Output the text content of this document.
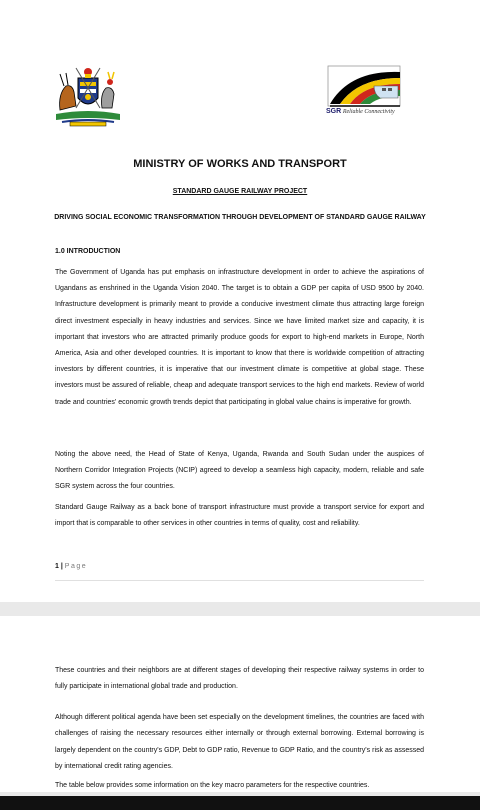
SGR Reliable Connectivity
MINISTRY OF WORKS AND TRANSPORT
STANDARD GAUGE RAILWAY PROJECT
DRIVING SOCIAL ECONOMIC TRANSFORMATION THROUGH DEVELOPMENT OF STANDARD GAUGE RAILWAY
1.0 INTRODUCTION

The Government of Uganda has put emphasis on infrastructure development in order to achieve the aspirations of Ugandans as enshrined in the Uganda Vision 2040. The target is to obtain a GDP per capita of USD 9500 by 2040. Infrastructure development is primarily meant to provide a conducive investment climate thus attracting large foreign direct investment especially in heavy industries and services. Since we have limited market size and capacity, it is important that investors who are attracted primarily produce goods for export to high-end markets in Europe, North America, Asia and other developed countries. It is important to know that there is worldwide competition of attracting investors by different countries, it is imperative that our investment climate is competitive at global stage. These investors must be assured of reliable, cheap and adequate transport services to the high end markets. Review of world trade and countries' economic growth trends depict that participating in global value chains is imperative for growth.

Noting the above need, the Head of State of Kenya, Uganda, Rwanda and South Sudan under the auspices of Northern Corridor Integration Projects (NCIP) agreed to develop a seamless high capacity, modern, reliable and safe SGR system across the four countries.

Standard Gauge Railway as a back bone of transport infrastructure must provide a transport service for export and import that is comparable to other services in other countries in terms of quality, cost and reliability.

1 | Page

These countries and their neighbors are at different stages of developing their respective railway systems in order to fully participate in international global trade and production.

Although different political agenda have been set especially on the development timelines, the countries are faced with challenges of raising the necessary resources either internally or through external borrowing. External borrowing is largely dependent on the country's GDP, Debt to GDP ratio, Revenue to GDP Ratio, and the country's risk as assessed by international credit rating agencies.

The table below provides some information on the key macro parameters for the respective countries.
